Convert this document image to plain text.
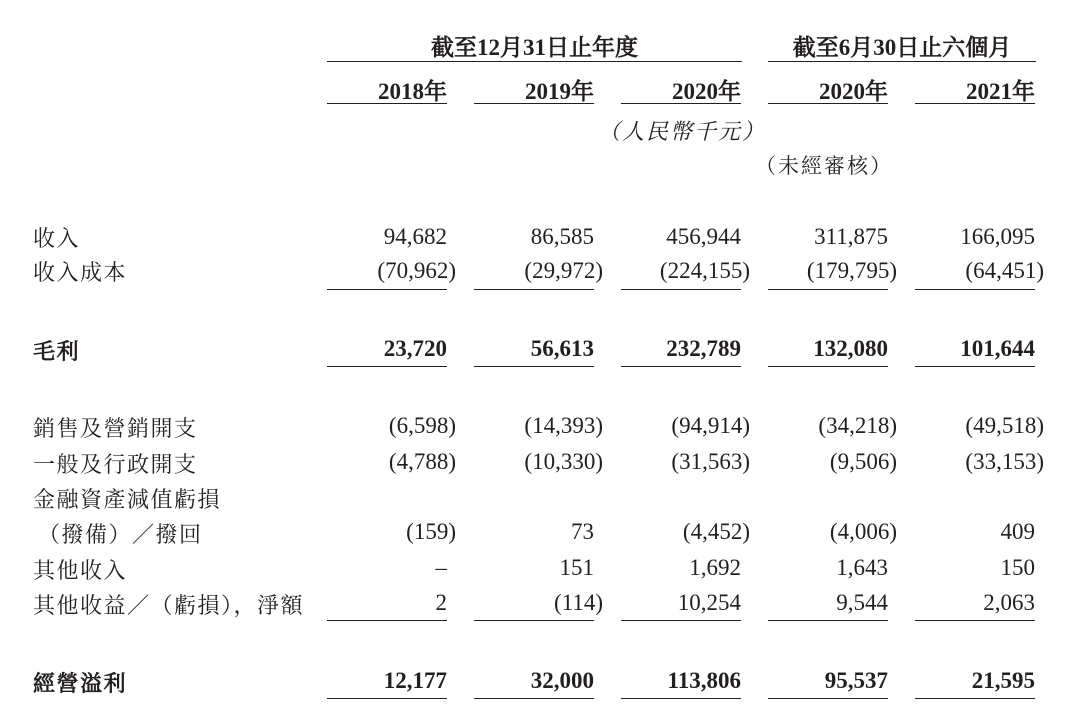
截至12月31日止年度	截至6月30日止六個月
2018年	2019年	2020年	2020年	2021年
（人民幣千元）
（未經審核）
收入	94,682	86,585	456,944	311,875	166,095
收入成本	(70,962)	(29,972)	(224,155)	(179,795)	(64,451)
毛利	23,720	56,613	232,789	132,080	101,644
銷售及營銷開支	(6,598)	(14,393)	(94,914)	(34,218)	(49,518)
一般及行政開支	(4,788)	(10,330)	(31,563)	(9,506)	(33,153)
金融資產減值虧損
（撥備）／撥回	(159)	73	(4,452)	(4,006)	409
其他收入	–	151	1,692	1,643	150
其他收益／（虧損），淨額	2	(114)	10,254	9,544	2,063
經營溢利	12,177	32,000	113,806	95,537	21,595
